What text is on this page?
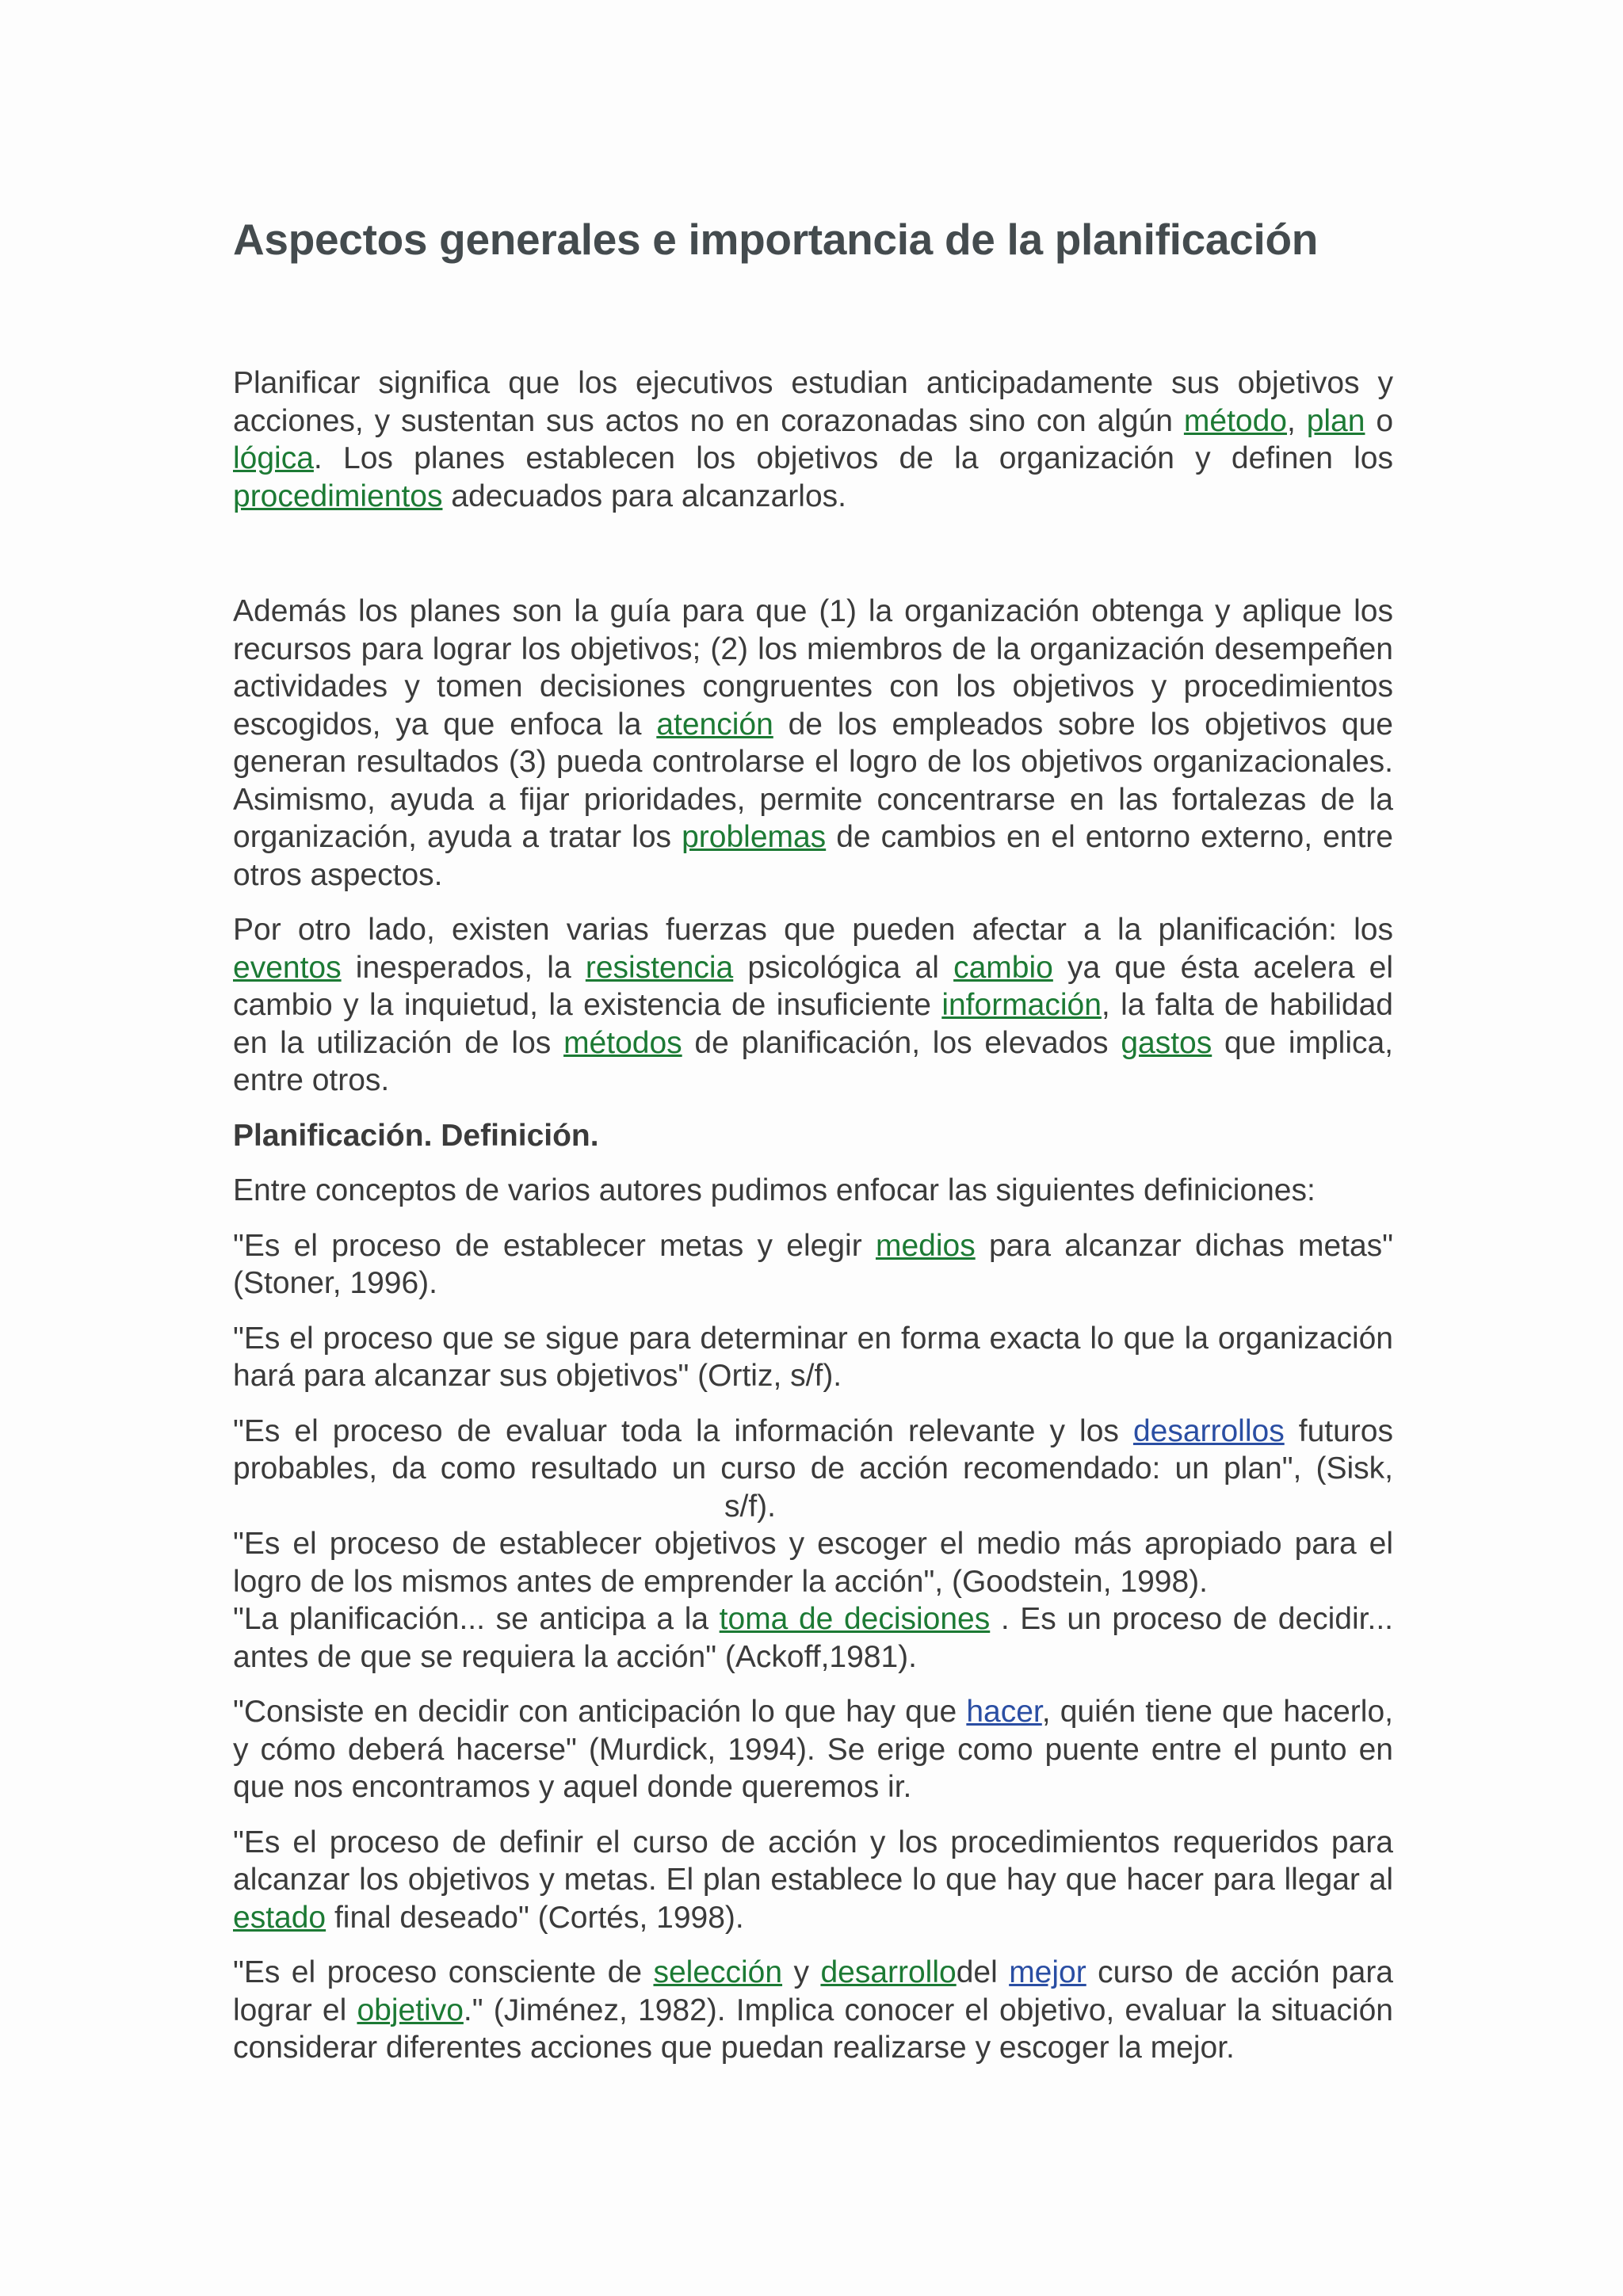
Aspectos generales e importancia de la planificación

Planificar significa que los ejecutivos estudian anticipadamente sus objetivos y acciones, y sustentan sus actos no en corazonadas sino con algún método, plan o lógica. Los planes establecen los objetivos de la organización y definen los procedimientos adecuados para alcanzarlos.

Además los planes son la guía para que (1) la organización obtenga y aplique los recursos para lograr los objetivos; (2) los miembros de la organización desempeñen actividades y tomen decisiones congruentes con los objetivos y procedimientos escogidos, ya que enfoca la atención de los empleados sobre los objetivos que generan resultados (3) pueda controlarse el logro de los objetivos organizacionales. Asimismo, ayuda a fijar prioridades, permite concentrarse en las fortalezas de la organización, ayuda a tratar los problemas de cambios en el entorno externo, entre otros aspectos.

Por otro lado, existen varias fuerzas que pueden afectar a la planificación: los eventos inesperados, la resistencia psicológica al cambio ya que ésta acelera el cambio y la inquietud, la existencia de insuficiente información, la falta de habilidad en la utilización de los métodos de planificación, los elevados gastos que implica, entre otros.

Planificación. Definición.

Entre conceptos de varios autores pudimos enfocar las siguientes definiciones:

"Es el proceso de establecer metas y elegir medios para alcanzar dichas metas" (Stoner, 1996).

"Es el proceso que se sigue para determinar en forma exacta lo que la organización hará para alcanzar sus objetivos" (Ortiz, s/f).

"Es el proceso de evaluar toda la información relevante y los desarrollos futuros probables, da como resultado un curso de acción recomendado: un plan", (Sisk,s/f).

"Es el proceso de establecer objetivos y escoger el medio más apropiado para el logro de los mismos antes de emprender la acción", (Goodstein, 1998).

"La planificación... se anticipa a la toma de decisiones . Es un proceso de decidir... antes de que se requiera la acción" (Ackoff,1981).

"Consiste en decidir con anticipación lo que hay que hacer, quién tiene que hacerlo, y cómo deberá hacerse" (Murdick, 1994). Se erige como puente entre el punto en que nos encontramos y aquel donde queremos ir.

"Es el proceso de definir el curso de acción y los procedimientos requeridos para alcanzar los objetivos y metas. El plan establece lo que hay que hacer para llegar al estado final deseado" (Cortés, 1998).

"Es el proceso consciente de selección y desarrollodel mejor curso de acción para lograr el objetivo." (Jiménez, 1982). Implica conocer el objetivo, evaluar la situación considerar diferentes acciones que puedan realizarse y escoger la mejor.
